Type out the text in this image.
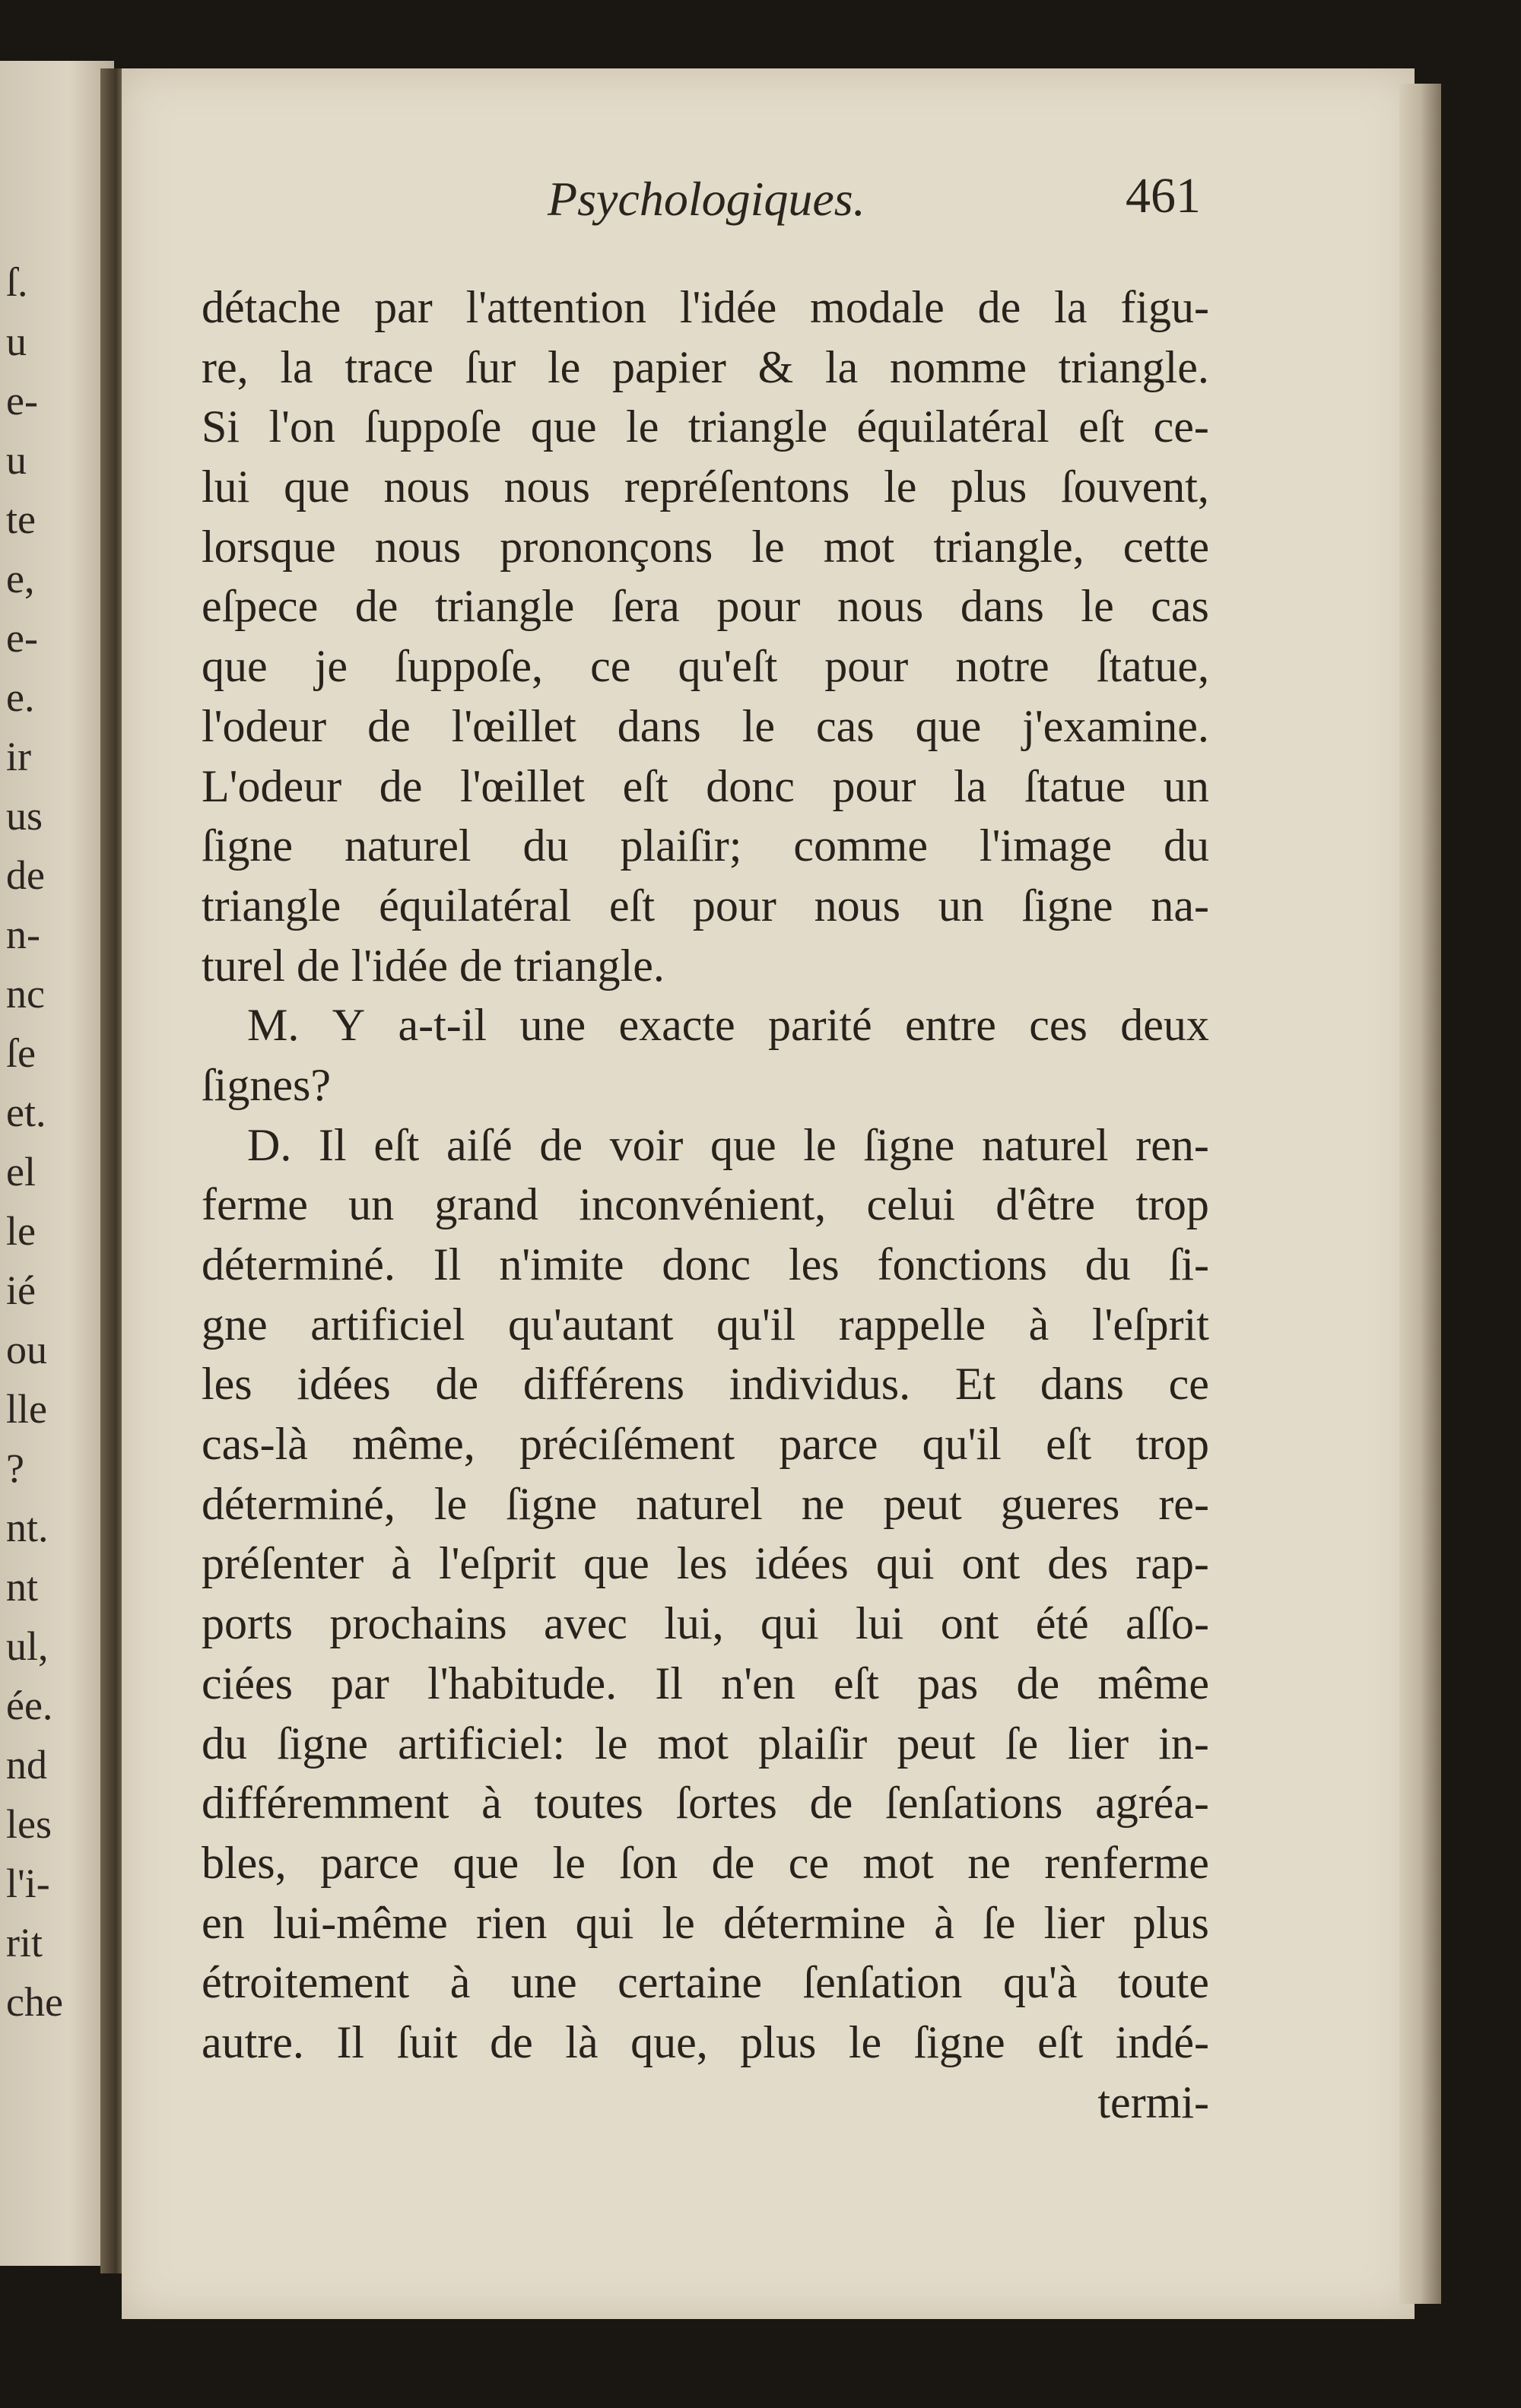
ſ.
u
e-
u
te
e,
e-
e.
ir
us
de
n-
nc
ſe
et.
el
le
ié
ou
lle
?
nt.
nt
ul,
ée.
nd
les
l'i-
rit
che
Psychologiques.	461
détache par l'attention l'idée modale de la figu-
re, la trace ſur le papier & la nomme triangle.
Si l'on ſuppoſe que le triangle équilatéral eſt ce-
lui que nous nous repréſentons le plus ſouvent,
lorsque nous prononçons le mot triangle, cette
eſpece de triangle ſera pour nous dans le cas
que je ſuppoſe, ce qu'eſt pour notre ſtatue,
l'odeur de l'œillet dans le cas que j'examine.
L'odeur de l'œillet eſt donc pour la ſtatue un
ſigne naturel du plaiſir; comme l'image du
triangle équilatéral eſt pour nous un ſigne na-
turel de l'idée de triangle.
M. Y a-t-il une exacte parité entre ces deux
ſignes?
D. Il eſt aiſé de voir que le ſigne naturel ren-
ferme un grand inconvénient, celui d'être trop
déterminé. Il n'imite donc les fonctions du ſi-
gne artificiel qu'autant qu'il rappelle à l'eſprit
les idées de différens individus. Et dans ce
cas-là même, préciſément parce qu'il eſt trop
déterminé, le ſigne naturel ne peut gueres re-
préſenter à l'eſprit que les idées qui ont des rap-
ports prochains avec lui, qui lui ont été aſſo-
ciées par l'habitude. Il n'en eſt pas de même
du ſigne artificiel: le mot plaiſir peut ſe lier in-
différemment à toutes ſortes de ſenſations agréa-
bles, parce que le ſon de ce mot ne renferme
en lui-même rien qui le détermine à ſe lier plus
étroitement à une certaine ſenſation qu'à toute
autre. Il ſuit de là que, plus le ſigne eſt indé-
termi-
